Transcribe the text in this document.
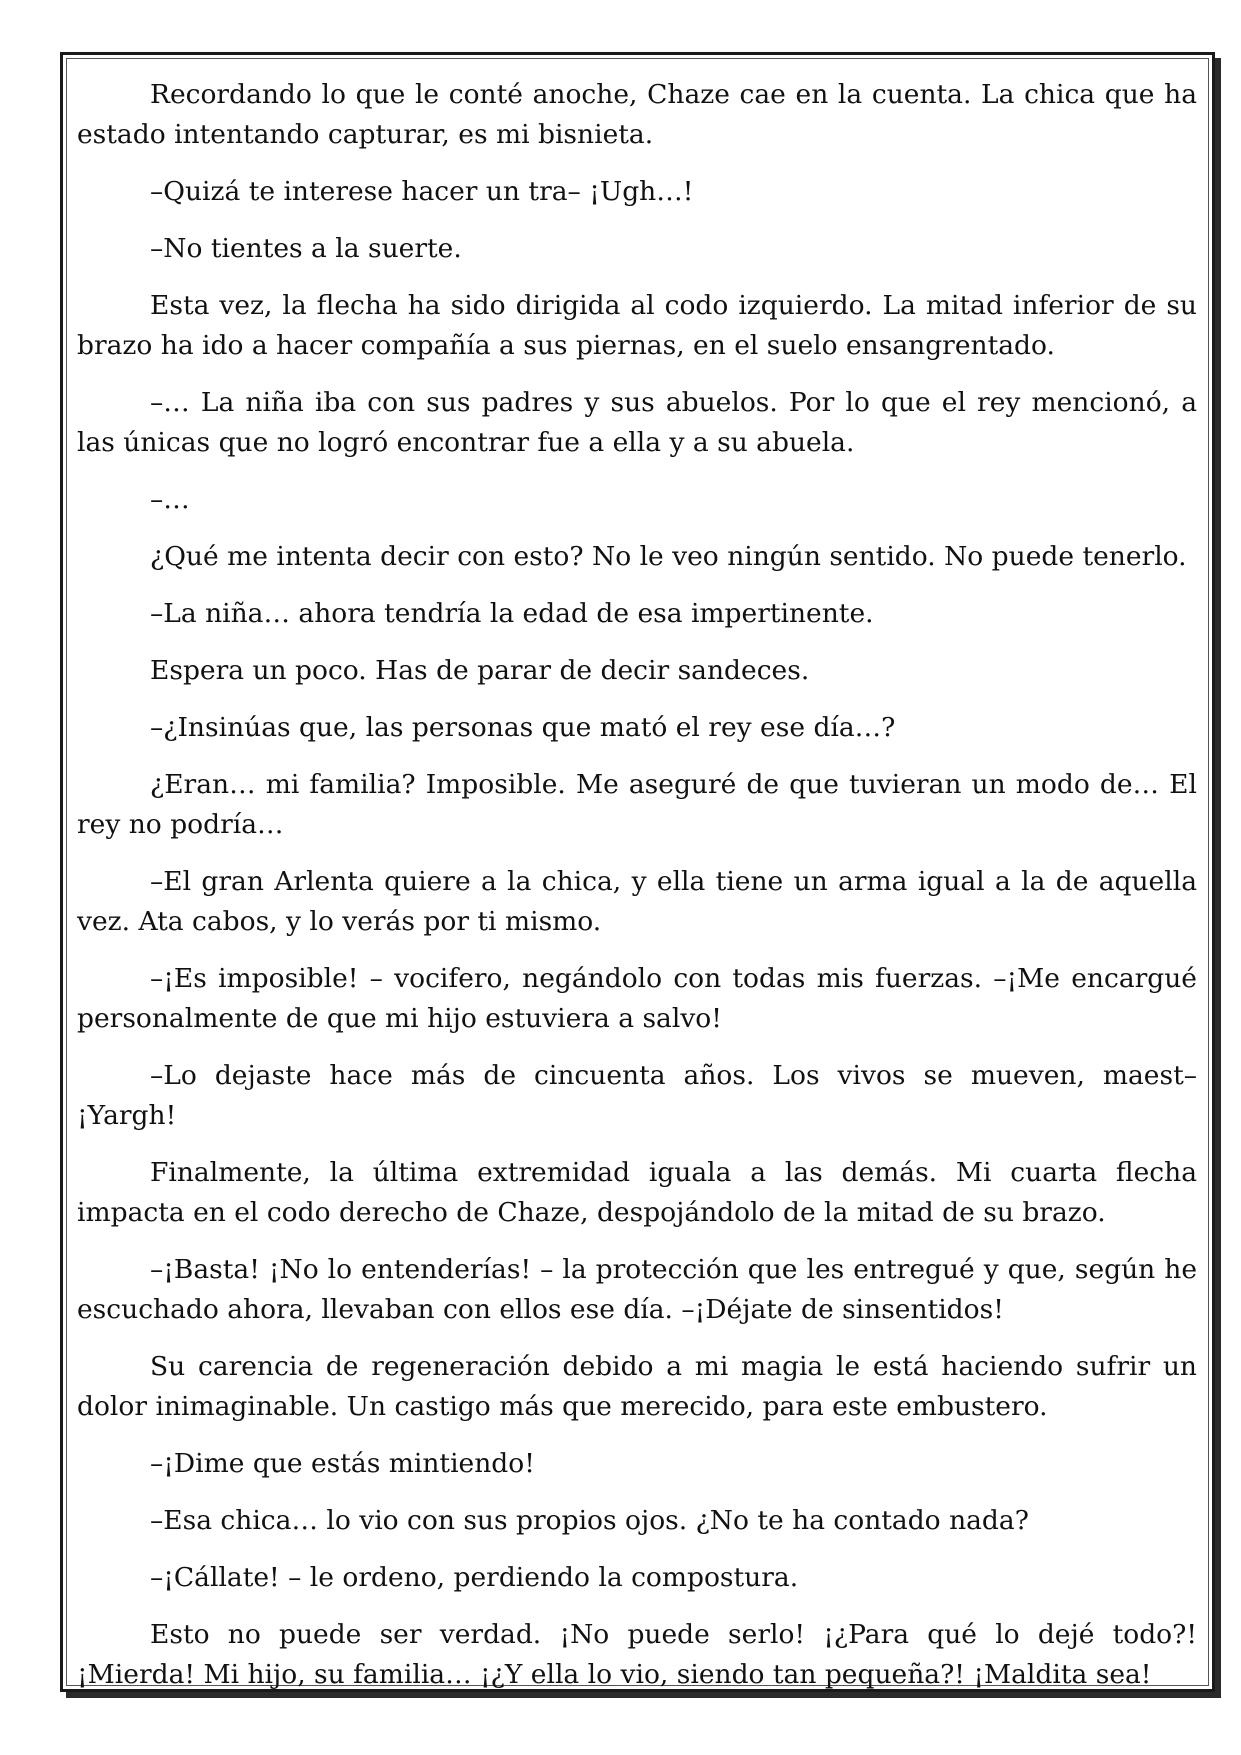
Recordando lo que le conté anoche, Chaze cae en la cuenta. La chica que ha estado intentando capturar, es mi bisnieta.

–Quizá te interese hacer un tra– ¡Ugh…!

–No tientes a la suerte.

Esta vez, la flecha ha sido dirigida al codo izquierdo. La mitad inferior de su brazo ha ido a hacer compañía a sus piernas, en el suelo ensangrentado.

–… La niña iba con sus padres y sus abuelos. Por lo que el rey mencionó, a las únicas que no logró encontrar fue a ella y a su abuela.

–…

¿Qué me intenta decir con esto? No le veo ningún sentido. No puede tenerlo.

–La niña… ahora tendría la edad de esa impertinente.

Espera un poco. Has de parar de decir sandeces.

–¿Insinúas que, las personas que mató el rey ese día…?

¿Eran… mi familia? Imposible. Me aseguré de que tuvieran un modo de… El rey no podría…

–El gran Arlenta quiere a la chica, y ella tiene un arma igual a la de aquella vez. Ata cabos, y lo verás por ti mismo.

–¡Es imposible! – vocifero, negándolo con todas mis fuerzas. –¡Me encargué personalmente de que mi hijo estuviera a salvo!

–Lo dejaste hace más de cincuenta años. Los vivos se mueven, maest– ¡Yargh!

Finalmente, la última extremidad iguala a las demás. Mi cuarta flecha impacta en el codo derecho de Chaze, despojándolo de la mitad de su brazo.

–¡Basta! ¡No lo entenderías! – la protección que les entregué y que, según he escuchado ahora, llevaban con ellos ese día. –¡Déjate de sinsentidos!

Su carencia de regeneración debido a mi magia le está haciendo sufrir un dolor inimaginable. Un castigo más que merecido, para este embustero.

–¡Dime que estás mintiendo!

–Esa chica… lo vio con sus propios ojos. ¿No te ha contado nada?

–¡Cállate! – le ordeno, perdiendo la compostura.

Esto no puede ser verdad. ¡No puede serlo! ¡¿Para qué lo dejé todo?! ¡Mierda! Mi hijo, su familia… ¡¿Y ella lo vio, siendo tan pequeña?! ¡Maldita sea!
